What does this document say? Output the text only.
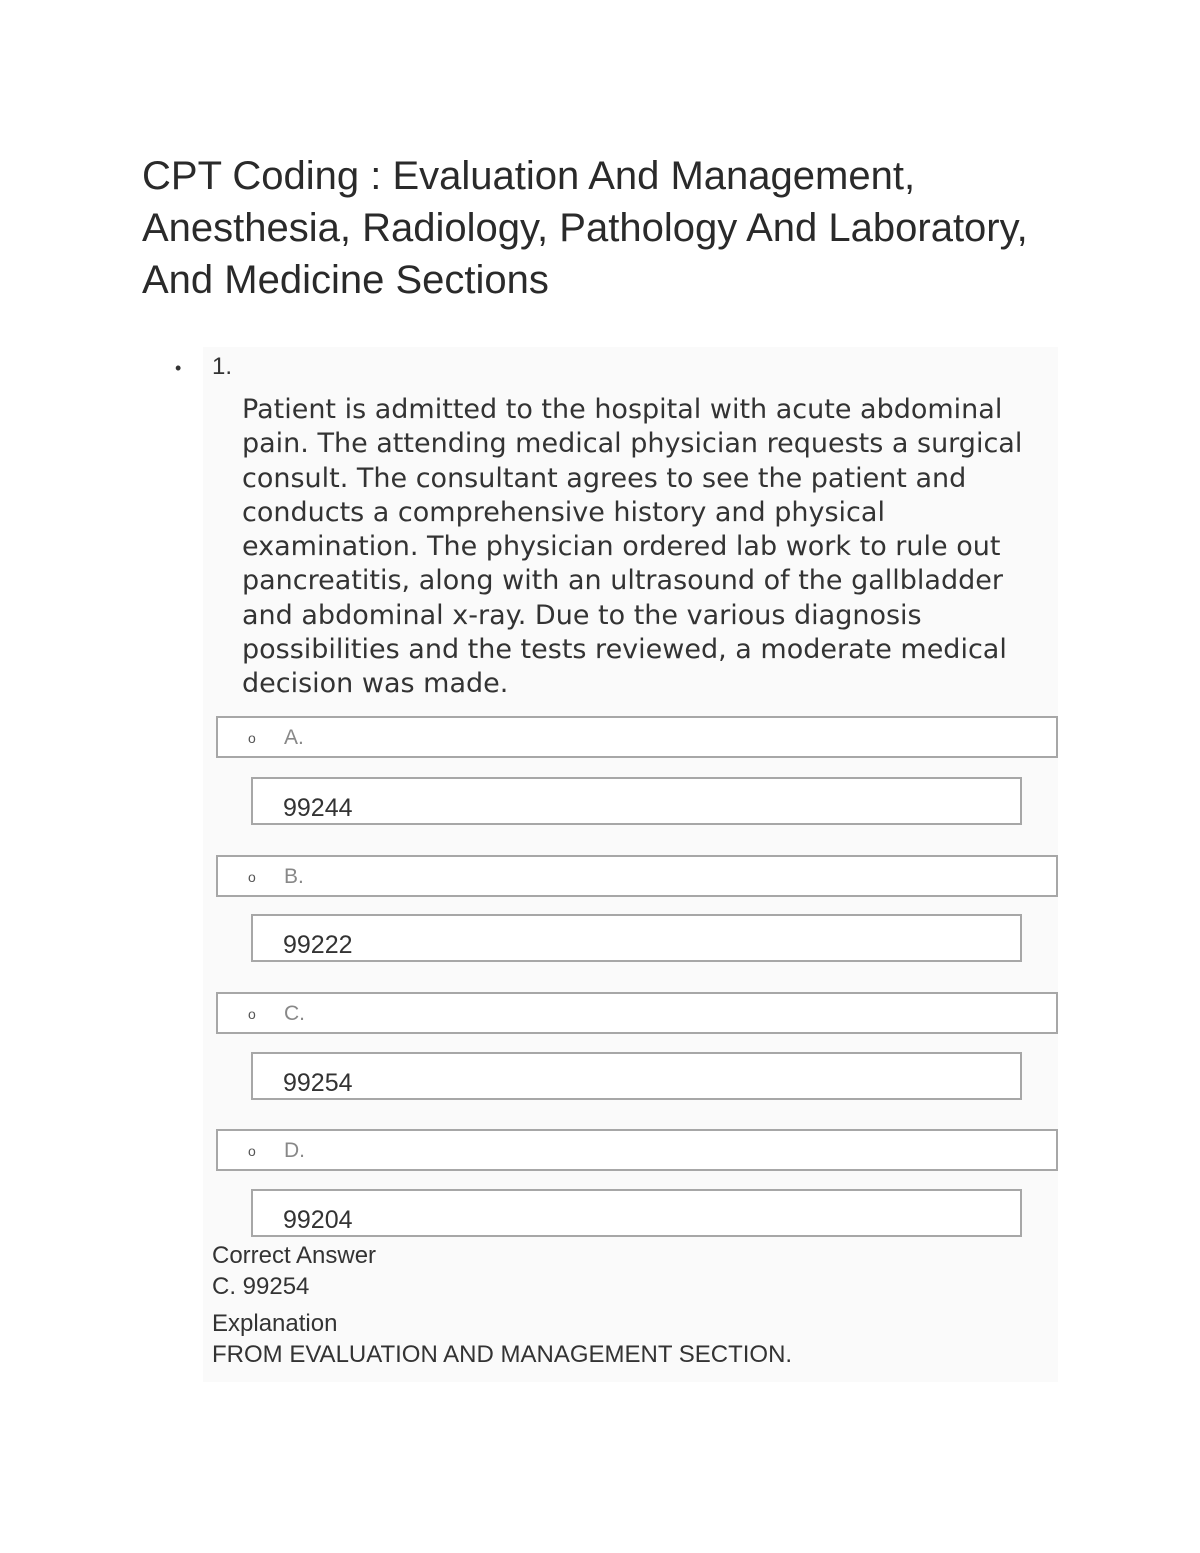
CPT Coding : Evaluation And Management, Anesthesia, Radiology, Pathology And Laboratory, And Medicine Sections
• 1.

Patient is admitted to the hospital with acute abdominal pain. The attending medical physician requests a surgical consult. The consultant agrees to see the patient and conducts a comprehensive history and physical examination. The physician ordered lab work to rule out pancreatitis, along with an ultrasound of the gallbladder and abdominal x-ray. Due to the various diagnosis possibilities and the tests reviewed, a moderate medical decision was made.

o A.
99244
o B.
99222
o C.
99254
o D.
99204
Correct Answer
C. 99254
Explanation
FROM EVALUATION AND MANAGEMENT SECTION.
